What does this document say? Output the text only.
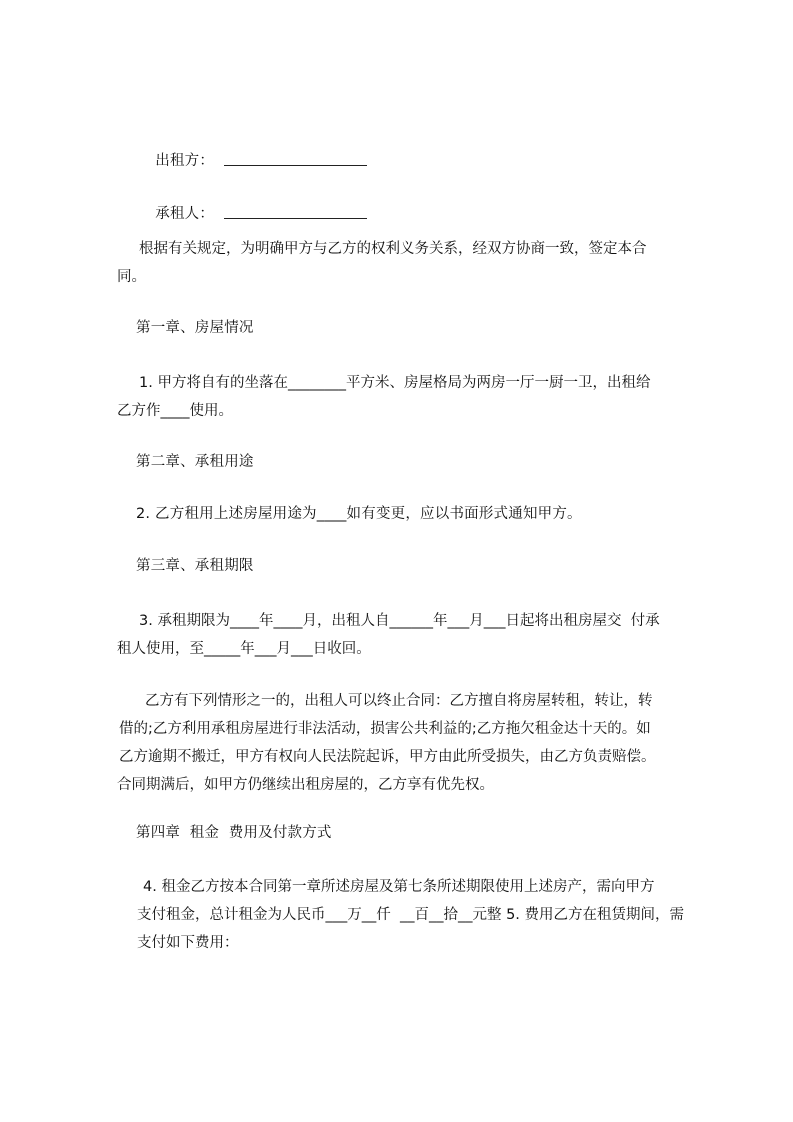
出租方：

承租人：

根据有关规定，为明确甲方与乙方的权利义务关系，经双方协商一致，签定本合
同。
第一章、房屋情况
1. 甲方将自有的坐落在________平方米、房屋格局为两房一厅一厨一卫，出租给
乙方作____使用。
第二章、承租用途
2. 乙方租用上述房屋用途为____如有变更，应以书面形式通知甲方。
第三章、承租期限
3. 承租期限为____年____月，出租人自______年___月___日起将出租房屋交  付承
租人使用，至_____年___月___日收回。
乙方有下列情形之一的，出租人可以终止合同：乙方擅自将房屋转租，转让，转
借的;乙方利用承租房屋进行非法活动，损害公共利益的;乙方拖欠租金达十天的。如
乙方逾期不搬迁，甲方有权向人民法院起诉，甲方由此所受损失，由乙方负责赔偿。
合同期满后，如甲方仍继续出租房屋的，乙方享有优先权。
第四章  租金  费用及付款方式
4. 租金乙方按本合同第一章所述房屋及第七条所述期限使用上述房产，需向甲方
支付租金，总计租金为人民币___万__仟  __百__拾__元整 5. 费用乙方在租赁期间，需
支付如下费用：
